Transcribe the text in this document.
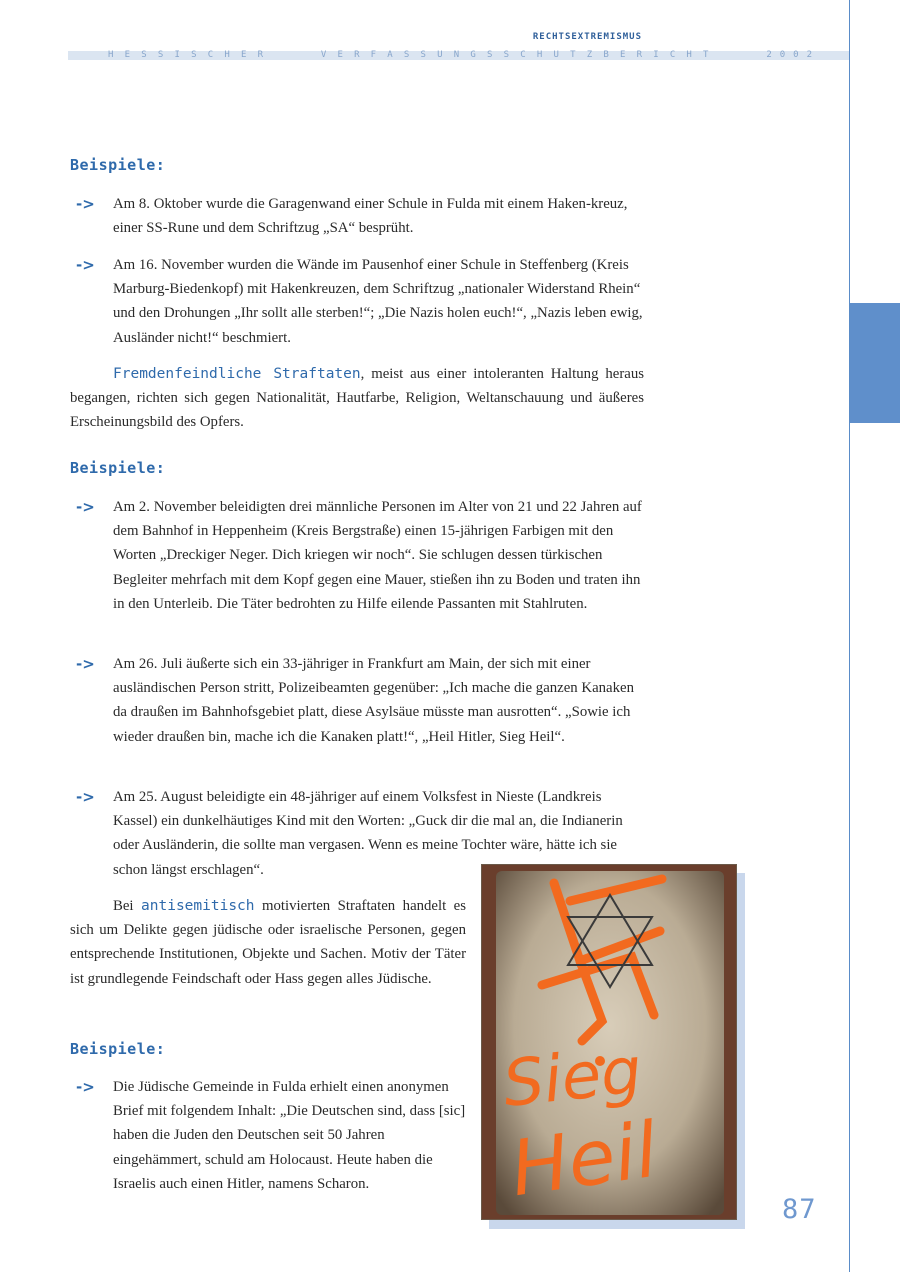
RECHTSEXTREMISMUS
HESSISCHER	VERFASSUNGSSCHUTZBERICHT	2002
Beispiele:
->	Am 8. Oktober wurde die Garagenwand einer Schule in Fulda mit einem Haken-kreuz, einer SS-Rune und dem Schriftzug „SA“ besprüht.

->	Am 16. November wurden die Wände im Pausenhof einer Schule in Steffenberg (Kreis Marburg-Biedenkopf) mit Hakenkreuzen, dem Schriftzug „nationaler Widerstand Rhein“ und den Drohungen „Ihr sollt alle sterben!“; „Die Nazis holen euch!“, „Nazis leben ewig, Ausländer nicht!“ beschmiert.

Fremdenfeindliche Straftaten, meist aus einer intoleranten Haltung heraus begangen, richten sich gegen Nationalität, Hautfarbe, Religion, Weltanschauung und äußeres Erscheinungsbild des Opfers.
Beispiele:
->	Am 2. November beleidigten drei männliche Personen im Alter von 21 und 22 Jahren auf dem Bahnhof in Heppenheim (Kreis Bergstraße) einen 15-jährigen Farbigen mit den Worten „Dreckiger Neger. Dich kriegen wir noch“. Sie schlugen dessen türkischen Begleiter mehrfach mit dem Kopf gegen eine Mauer, stießen ihn zu Boden und traten ihn in den Unterleib. Die Täter bedrohten zu Hilfe eilende Passanten mit Stahlruten.

->	Am 26. Juli äußerte sich ein 33-jähriger in Frankfurt am Main, der sich mit einer ausländischen Person stritt, Polizeibeamten gegenüber: „Ich mache die ganzen Kanaken da draußen im Bahnhofsgebiet platt, diese Asylsäue müsste man ausrotten“. „Sowie ich wieder draußen bin, mache ich die Kanaken platt!“, „Heil Hitler, Sieg Heil“.

->	Am 25. August beleidigte ein 48-jähriger auf einem Volksfest in Nieste (Landkreis Kassel) ein dunkelhäutiges Kind mit den Worten: „Guck dir die mal an, die Indianerin oder Ausländerin, die sollte man vergasen. Wenn es meine Tochter wäre, hätte ich sie schon längst erschlagen“.

Bei antisemitisch motivierten Straftaten handelt es sich um Delikte gegen jüdische oder israelische Personen, gegen entsprechende Institutionen, Objekte und Sachen. Motiv der Täter ist grundlegende Feindschaft oder Hass gegen alles Jüdische.
Beispiele:
->	Die Jüdische Gemeinde in Fulda erhielt einen anonymen Brief mit folgendem Inhalt: „Die Deutschen sind, dass [sic] haben die Juden den Deutschen seit 50 Jahren eingehämmert, schuld am Holocaust. Heute haben die Israelis auch einen Hitler, namens Scharon.

Sieg
Heil	87
